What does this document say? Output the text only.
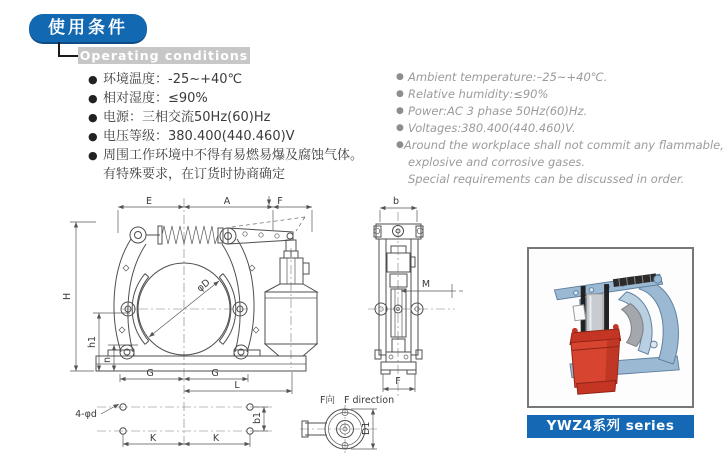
使用条件
Operating conditions
● 环境温度：-25~+40℃
● 相对湿度：≤90%
● 电源：三相交流50Hz(60)Hz
● 电压等级：380.400(440.460)V
● 周围工作环境中不得有易燃易爆及腐蚀气体。
有特殊要求，在订货时协商确定
● Ambient temperature:–25~+40℃.
● Relative humidity:≤90%
● Power:AC 3 phase 50Hz(60)Hz.
● Voltages:380.400(440.460)V.
● Around the workplace shall not commit any flammable,
explosive and corrosive gases.
Special requirements can be discussed in order.
E	A	F
H
h1
n
φD
G	G
L
4-φd
K	K
b1
b
M
F
F向 F direction
D1	YWZ4系列 series
